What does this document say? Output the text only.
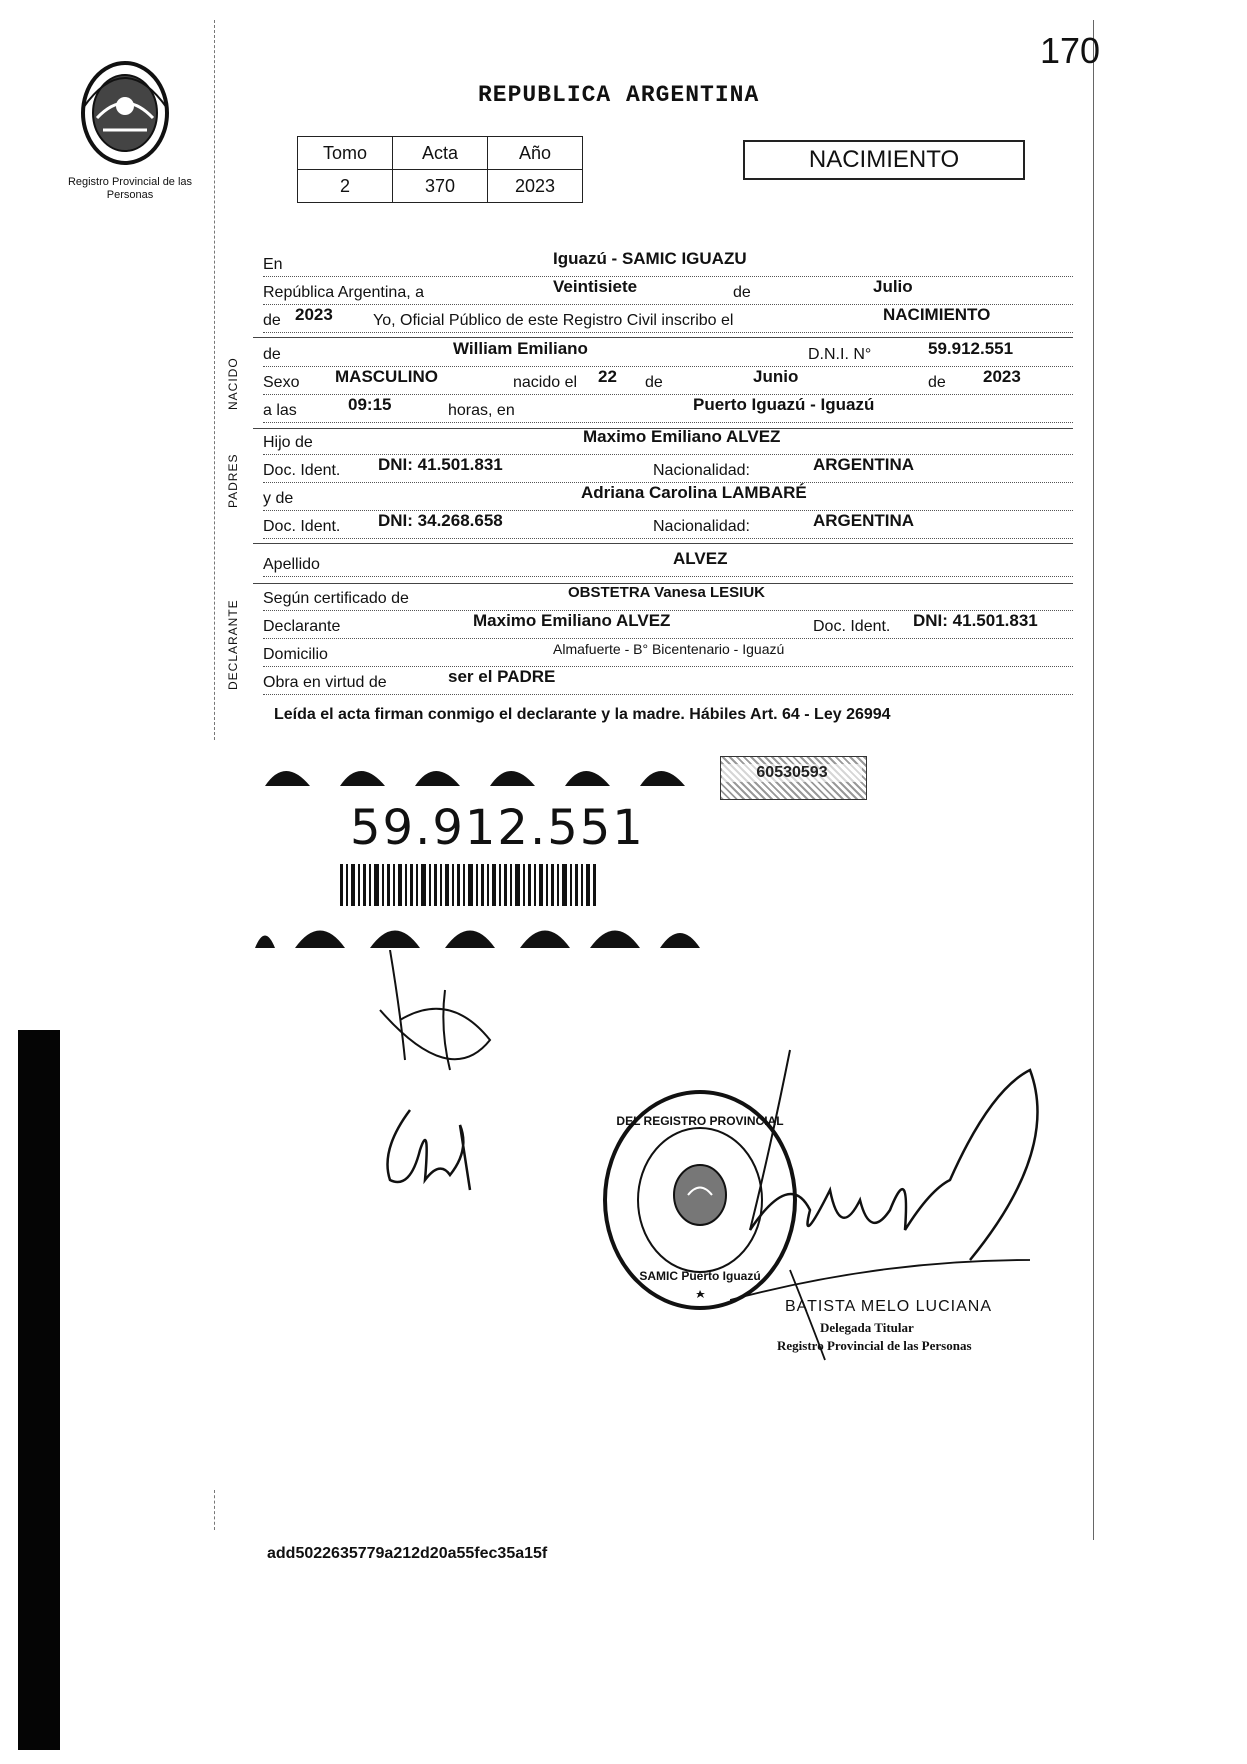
170
Registro Provincial de las Personas
REPUBLICA ARGENTINA
Tomo	Acta	Año
2	370	2023
NACIMIENTO
En	Iguazú - SAMIC IGUAZU
República Argentina, a	Veintisiete	de	Julio
de 2023	Yo, Oficial Público de este Registro Civil inscribo el	NACIMIENTO
NACIDO
de	William Emiliano	D.N.I. N°	59.912.551
Sexo MASCULINO	nacido el 22 de	Junio	de 2023
a las	09:15	horas, en	Puerto Iguazú - Iguazú
PADRES
Hijo de	Maximo Emiliano ALVEZ
Doc. Ident. DNI: 41.501.831	Nacionalidad:	ARGENTINA
y de	Adriana Carolina LAMBARÉ
Doc. Ident. DNI: 34.268.658	Nacionalidad:	ARGENTINA
Apellido	ALVEZ
DECLARANTE
Según certificado de	OBSTETRA Vanesa LESIUK
Declarante	Maximo Emiliano ALVEZ	Doc. Ident. DNI: 41.501.831
Domicilio	Almafuerte - B° Bicentenario - Iguazú
Obra en virtud de	ser el PADRE
Leída el acta firman conmigo el declarante y la madre. Hábiles Art. 64 - Ley 26994
59.912.551
60530593
DEL REGISTRO PROVINCIAL
SAMIC Puerto Iguazú
BATISTA MELO LUCIANA
Delegada Titular
Registro Provincial de las Personas
add5022635779a212d20a55fec35a15f
